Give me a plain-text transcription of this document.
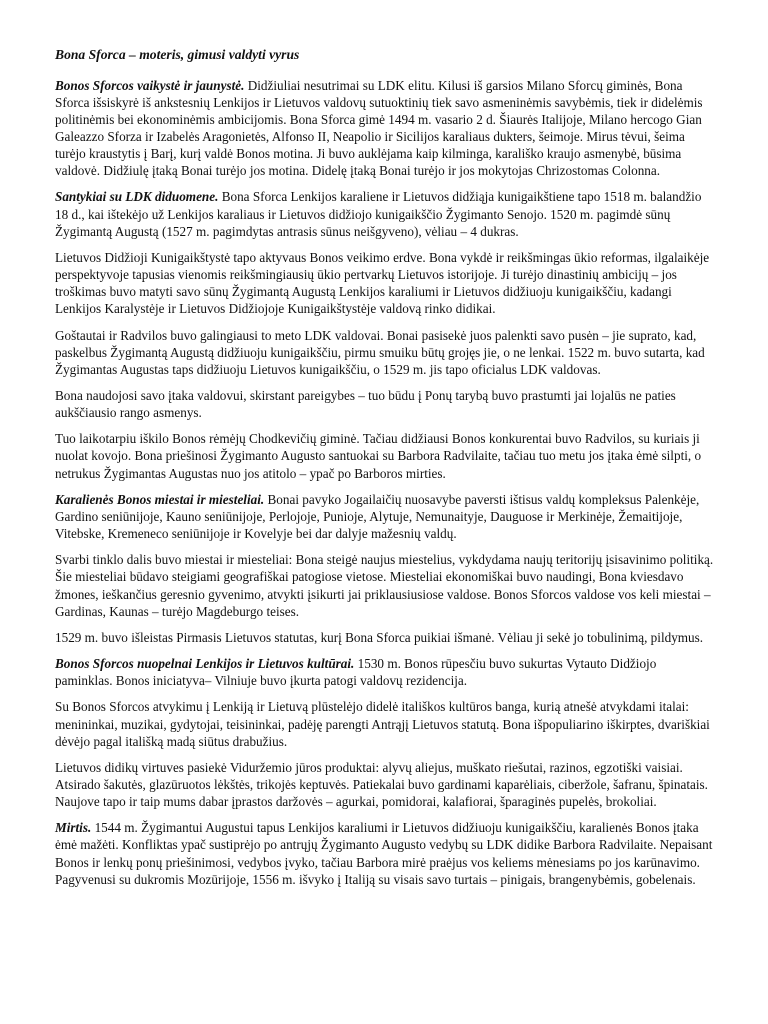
Bona Sforca – moteris, gimusi valdyti vyrus

Bonos Sforcos vaikystė ir jaunystė. Didžiuliai nesutrimai su LDK elitu. Kilusi iš garsios Milano Sforcų giminės, Bona Sforca išsiskyrė iš ankstesnių Lenkijos ir Lietuvos valdovų sutuoktinių tiek savo asmeninėmis savybėmis, tiek ir didelėmis politinėmis bei ekonominėmis ambicijomis. Bona Sforca gimė 1494 m. vasario 2 d. Šiaurės Italijoje, Milano hercogo Gian Galeazzo Sforza ir Izabelės Aragonietės, Alfonso II, Neapolio ir Sicilijos karaliaus dukters, šeimoje. Mirus tėvui, šeima turėjo kraustytis į Barį, kurį valdė Bonos motina. Ji buvo auklėjama kaip kilminga, karališko kraujo asmenybė, būsima valdovė. Didžiulę įtaką Bonai turėjo jos motina. Didelę įtaką Bonai turėjo ir jos mokytojas Chrizostomas Colonna.

Santykiai su LDK diduomene. Bona Sforca Lenkijos karaliene ir Lietuvos didžiąja kunigaikštiene tapo 1518 m. balandžio 18 d., kai ištekėjo už Lenkijos karaliaus ir Lietuvos didžiojo kunigaikščio Žygimanto Senojo. 1520 m. pagimdė sūnų Žygimantą Augustą (1527 m. pagimdytas antrasis sūnus neišgyveno), vėliau – 4 dukras.

Lietuvos Didžioji Kunigaikštystė tapo aktyvaus Bonos veikimo erdve. Bona vykdė ir reikšmingas ūkio reformas, ilgalaikėje perspektyvoje tapusias vienomis reikšmingiausių ūkio pertvarkų Lietuvos istorijoje. Ji turėjo dinastinių ambicijų – jos troškimas buvo matyti savo sūnų Žygimantą Augustą Lenkijos karaliumi ir Lietuvos didžiuoju kunigaikščiu, kadangi Lenkijos Karalystėje ir Lietuvos Didžiojoje Kunigaikštystėje valdovą rinko didikai.

Goštautai ir Radvilos buvo galingiausi to meto LDK valdovai. Bonai pasisekė juos palenkti savo pusėn – jie suprato, kad, paskelbus Žygimantą Augustą didžiuoju kunigaikščiu, pirmu smuiku būtų grojęs jie, o ne lenkai. 1522 m. buvo sutarta, kad Žygimantas Augustas taps didžiuoju Lietuvos kunigaikščiu, o 1529 m. jis tapo oficialus LDK valdovas.

Bona naudojosi savo įtaka valdovui, skirstant pareigybes – tuo būdu į Ponų tarybą buvo prastumti jai lojalūs ne paties aukščiausio rango asmenys.

Tuo laikotarpiu iškilo Bonos rėmėjų Chodkevičių giminė. Tačiau didžiausi Bonos konkurentai buvo Radvilos, su kuriais ji nuolat kovojo. Bona priešinosi Žygimanto Augusto santuokai su Barbora Radvilaite, tačiau tuo metu jos įtaka ėmė silpti, o netrukus Žygimantas Augustas nuo jos atitolo – ypač po Barboros mirties.

Karalienės Bonos miestai ir miesteliai. Bonai pavyko Jogailaičių nuosavybe paversti ištisus valdų kompleksus Palenkėje, Gardino seniūnijoje, Kauno seniūnijoje, Perlojoje, Punioje, Alytuje, Nemunaityje, Dauguose ir Merkinėje, Žemaitijoje, Vitebske, Kremeneco seniūnijoje ir Kovelyje bei dar dalyje mažesnių valdų.

Svarbi tinklo dalis buvo miestai ir miesteliai: Bona steigė naujus miestelius, vykdydama naujų teritorijų įsisavinimo politiką. Šie miesteliai būdavo steigiami geografiškai patogiose vietose. Miesteliai ekonomiškai buvo naudingi, Bona kviesdavo žmones, ieškančius geresnio gyvenimo, atvykti įsikurti jai priklausiusiose valdose. Bonos Sforcos valdose vos keli miestai – Gardinas, Kaunas – turėjo Magdeburgo teises.

1529 m. buvo išleistas Pirmasis Lietuvos statutas, kurį Bona Sforca puikiai išmanė. Vėliau ji sekė jo tobulinimą, pildymus.

Bonos Sforcos nuopelnai Lenkijos ir Lietuvos kultūrai. 1530 m. Bonos rūpesčiu buvo sukurtas Vytauto Didžiojo paminklas. Bonos iniciatyva– Vilniuje buvo įkurta patogi valdovų rezidencija.

Su Bonos Sforcos atvykimu į Lenkiją ir Lietuvą plūstelėjo didelė itališkos kultūros banga, kurią atnešė atvykdami italai: menininkai, muzikai, gydytojai, teisininkai, padėję parengti Antrąjį Lietuvos statutą. Bona išpopuliarino iškirptes, dvariškiai dėvėjo pagal itališką madą siūtus drabužius.

Lietuvos didikų virtuves pasiekė Viduržemio jūros produktai: alyvų aliejus, muškato riešutai, razinos, egzotiški vaisiai. Atsirado šakutės, glazūruotos lėkštės, trikojės keptuvės. Patiekalai buvo gardinami kaparėliais, ciberžole, šafranu, špinatais. Naujove tapo ir taip mums dabar įprastos daržovės – agurkai, pomidorai, kalafiorai, šparaginės pupelės, brokoliai.

Mirtis. 1544 m. Žygimantui Augustui tapus Lenkijos karaliumi ir Lietuvos didžiuoju kunigaikščiu, karalienės Bonos įtaka ėmė mažėti. Konfliktas ypač sustiprėjo po antrųjų Žygimanto Augusto vedybų su LDK didike Barbora Radvilaite. Nepaisant Bonos ir lenkų ponų priešinimosi, vedybos įvyko, tačiau Barbora mirė praėjus vos keliems mėnesiams po jos karūnavimo. Pagyvenusi su dukromis Mozūrijoje, 1556 m. išvyko į Italiją su visais savo turtais – pinigais, brangenybėmis, gobelenais.
